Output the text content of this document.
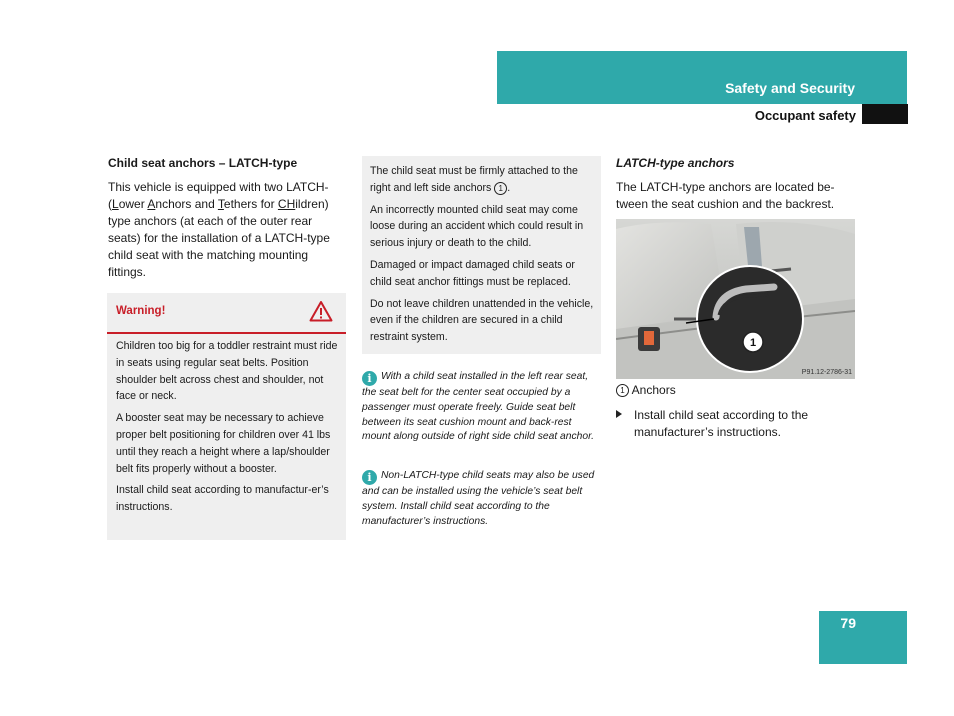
Safety and Security
Occupant safety
Child seat anchors – LATCH-type
This vehicle is equipped with two LATCH-
(Lower Anchors and Tethers for CHildren) type anchors (at each of the outer rear seats) for the installation of a LATCH-type child seat with the matching mounting fittings.
Warning!

Children too big for a toddler restraint must ride in seats using regular seat belts. Position shoulder belt across chest and shoulder, not face or neck.

A booster seat may be necessary to achieve proper belt positioning for children over 41 lbs until they reach a height where a lap/shoulder belt fits properly without a booster.

Install child seat according to manufactur-er’s instructions.

The child seat must be firmly attached to the right and left side anchors 1 .

An incorrectly mounted child seat may come loose during an accident which could result in serious injury or death to the child.

Damaged or impact damaged child seats or child seat anchor fittings must be replaced.

Do not leave children unattended in the vehicle, even if the children are secured in a child restraint system.

i With a child seat installed in the left rear seat, the seat belt for the center seat occupied by a passenger must operate freely. Guide seat belt between its seat cushion mount and back-rest mount along outside of right side child seat anchor.
i Non-LATCH-type child seats may also be used and can be installed using the vehicle’s seat belt system. Install child seat according to the manufacturer’s instructions.
LATCH-type anchors
The LATCH-type anchors are located be-tween the seat cushion and the backrest.
1
P91.12-2786-31
1 Anchors
Install child seat according to the manufacturer’s instructions.
79
